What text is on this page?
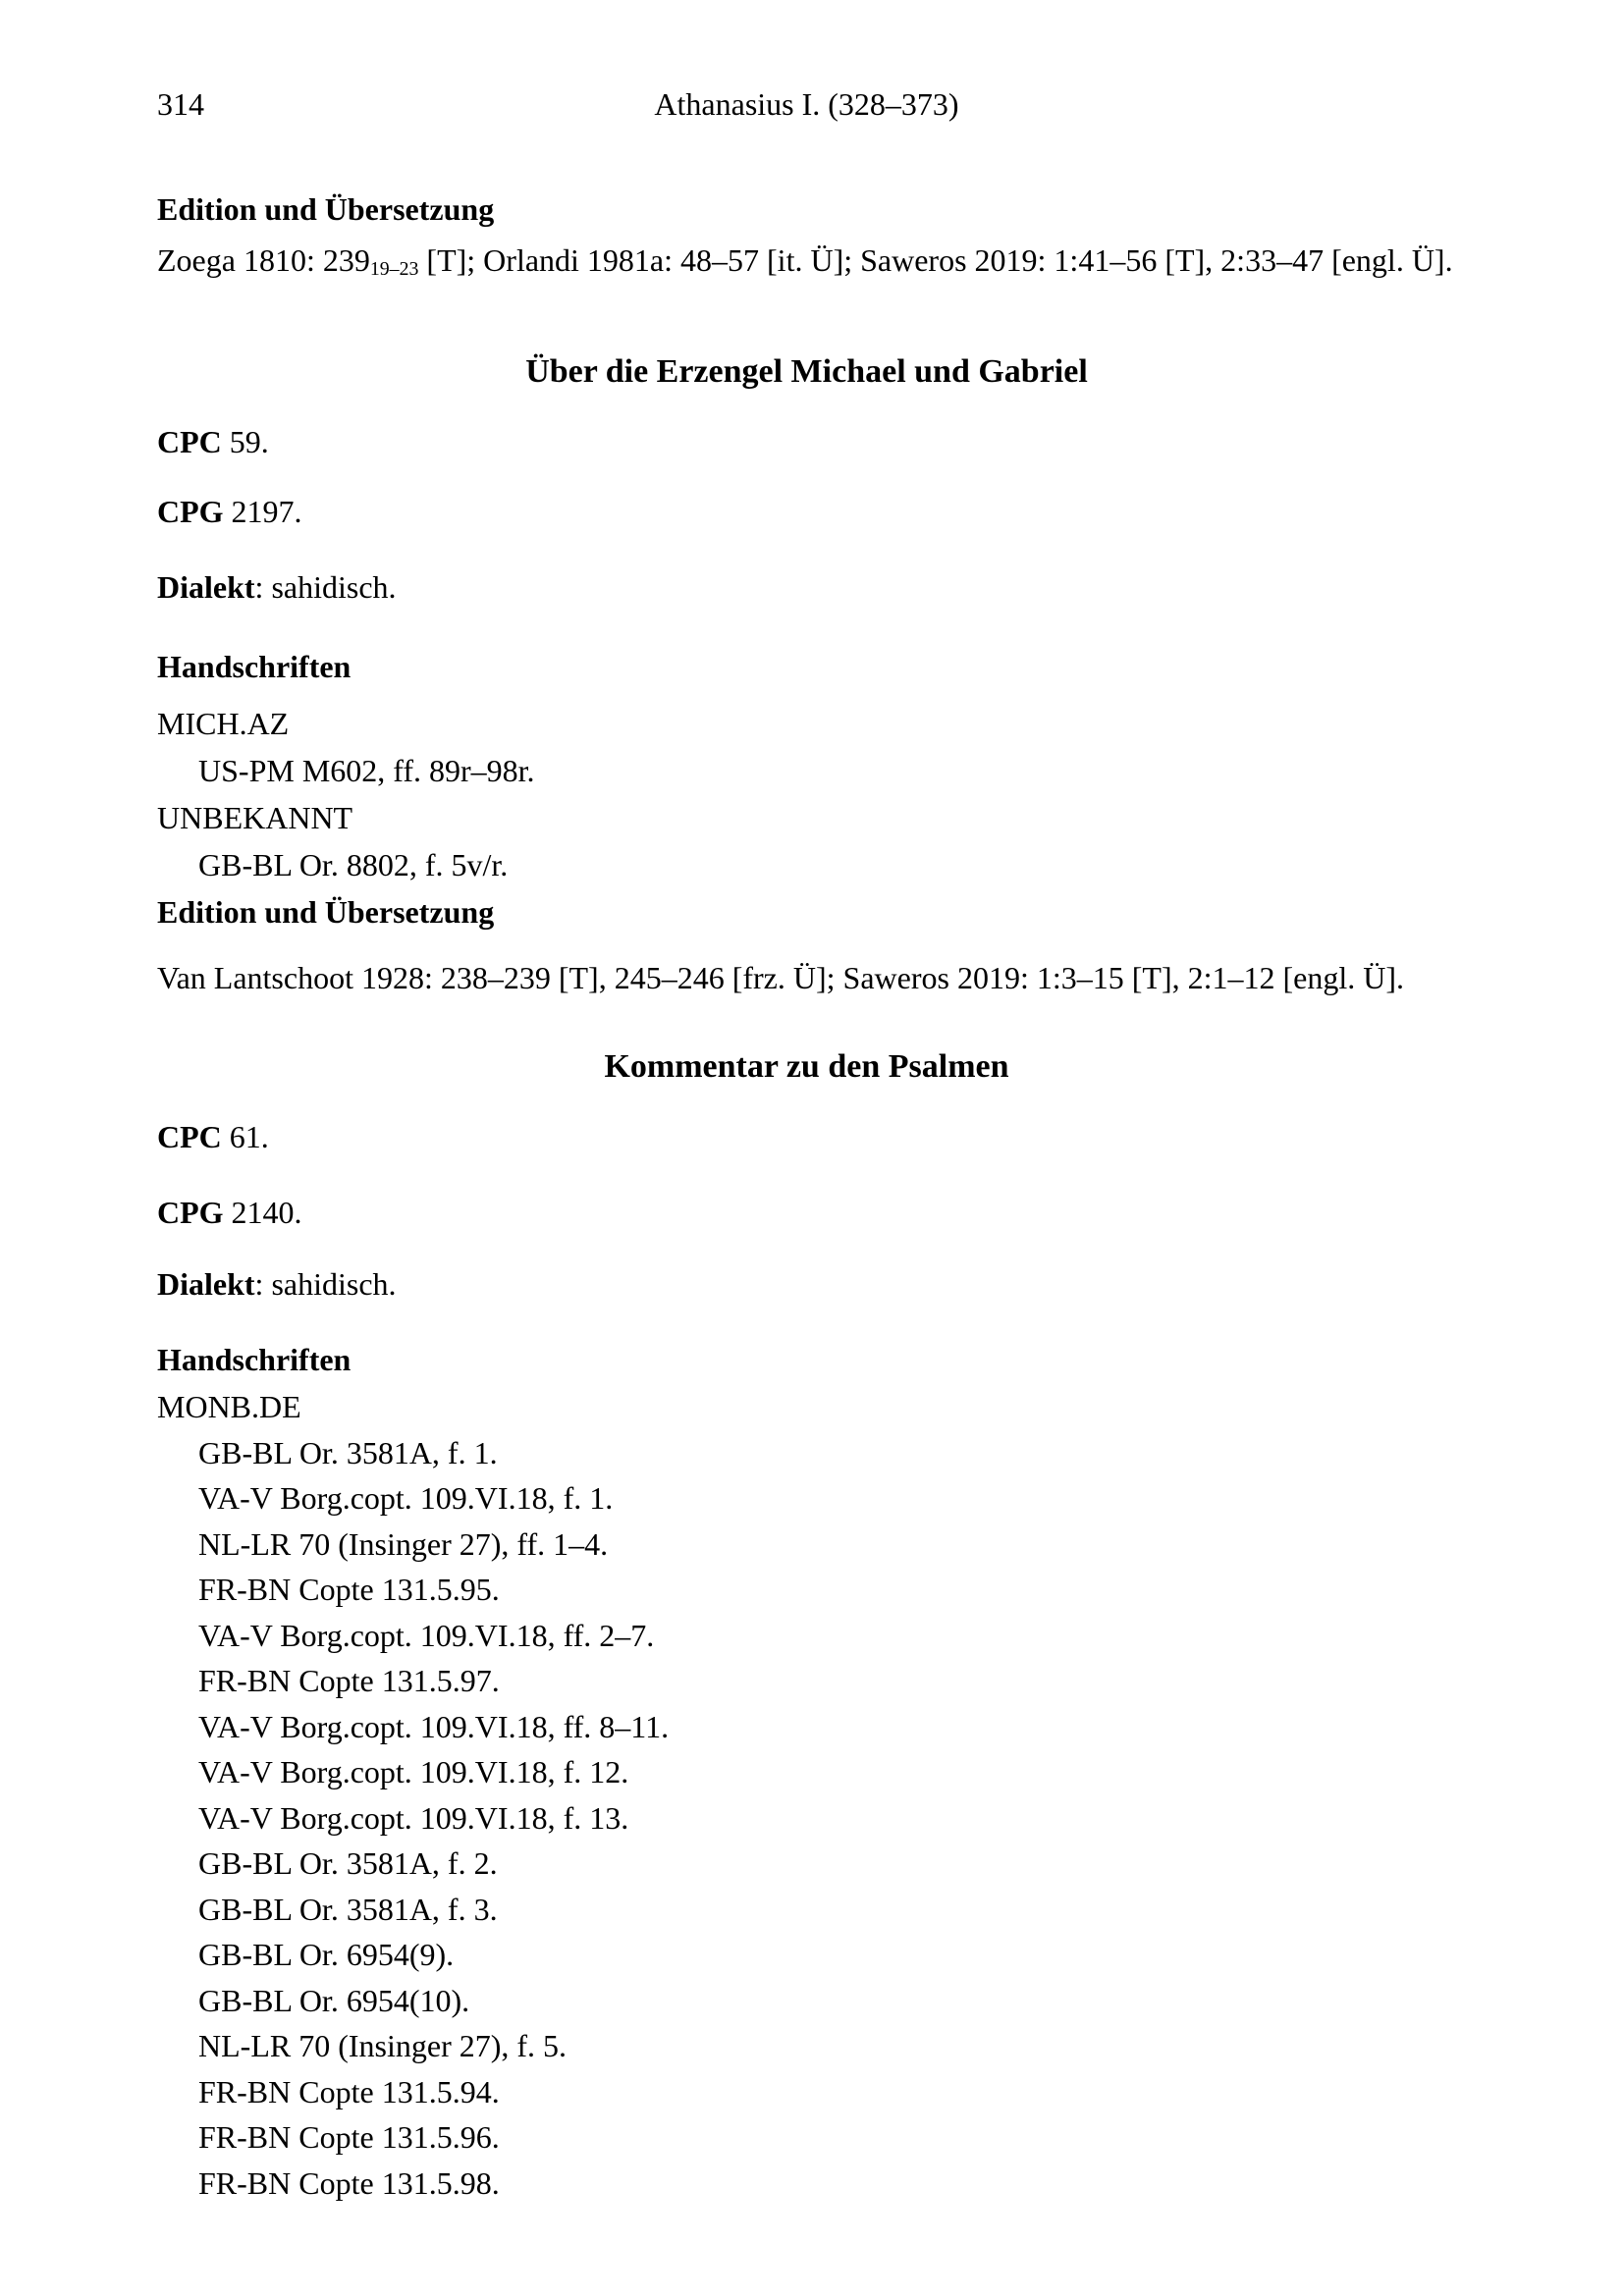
314	Athanasius I. (328–373)
Edition und Übersetzung
Zoega 1810: $239_{19-23}$ [T]; Orlandi 1981a: 48–57 [it. Ü]; Saweros 2019: 1:41–56 [T], 2:33–47 [engl. Ü].
Über die Erzengel Michael und Gabriel
CPC 59.
CPG 2197.
Dialekt: sahidisch.
Handschriften
MICH.AZ
US-PM M602, ff. 89r–98r.
UNBEKANNT
GB-BL Or. 8802, f. 5v/r.
Edition und Übersetzung
Van Lantschoot 1928: 238–239 [T], 245–246 [frz. Ü]; Saweros 2019: 1:3–15 [T], 2:1–12 [engl. Ü].
Kommentar zu den Psalmen
CPC 61.
CPG 2140.
Dialekt: sahidisch.
Handschriften
MONB.DE
GB-BL Or. 3581A, f. 1.
VA-V Borg.copt. 109.VI.18, f. 1.
NL-LR 70 (Insinger 27), ff. 1–4.
FR-BN Copte 131.5.95.
VA-V Borg.copt. 109.VI.18, ff. 2–7.
FR-BN Copte 131.5.97.
VA-V Borg.copt. 109.VI.18, ff. 8–11.
VA-V Borg.copt. 109.VI.18, f. 12.
VA-V Borg.copt. 109.VI.18, f. 13.
GB-BL Or. 3581A, f. 2.
GB-BL Or. 3581A, f. 3.
GB-BL Or. 6954(9).
GB-BL Or. 6954(10).
NL-LR 70 (Insinger 27), f. 5.
FR-BN Copte 131.5.94.
FR-BN Copte 131.5.96.
FR-BN Copte 131.5.98.
